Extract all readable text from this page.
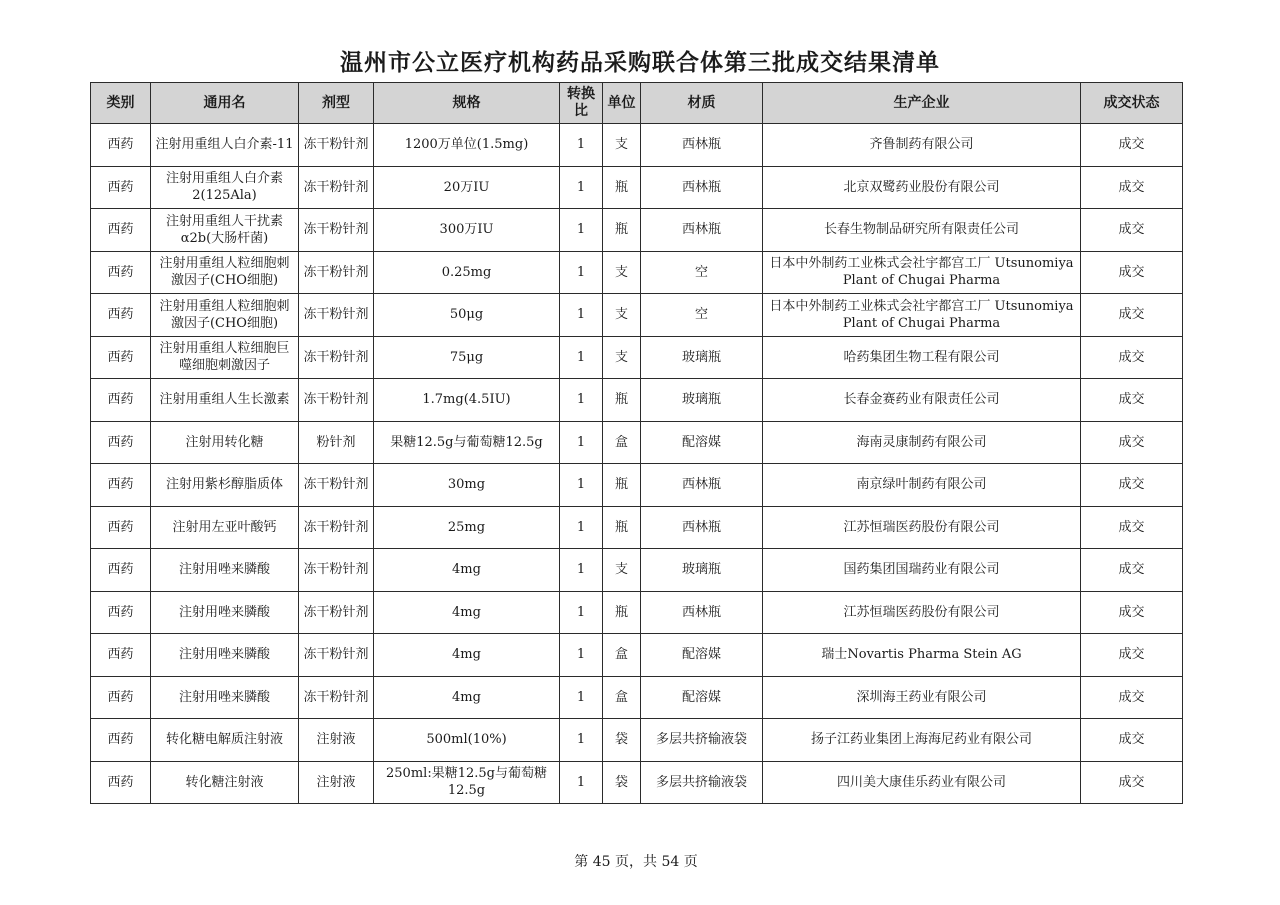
温州市公立医疗机构药品采购联合体第三批成交结果清单
类别	通用名	剂型	规格	转换比	单位	材质	生产企业	成交状态
西药	注射用重组人白介素-11	冻干粉针剂	1200万单位(1.5mg)	1	支	西林瓶	齐鲁制药有限公司	成交
西药	注射用重组人白介素2(125Ala)	冻干粉针剂	20万IU	1	瓶	西林瓶	北京双鹭药业股份有限公司	成交
西药	注射用重组人干扰素α2b(大肠杆菌)	冻干粉针剂	300万IU	1	瓶	西林瓶	长春生物制品研究所有限责任公司	成交
西药	注射用重组人粒细胞刺激因子(CHO细胞)	冻干粉针剂	0.25mg	1	支	空	日本中外制药工业株式会社宇都宫工厂 Utsunomiya Plant of Chugai Pharma	成交
西药	注射用重组人粒细胞刺激因子(CHO细胞)	冻干粉针剂	50μg	1	支	空	日本中外制药工业株式会社宇都宫工厂 Utsunomiya Plant of Chugai Pharma	成交
西药	注射用重组人粒细胞巨噬细胞刺激因子	冻干粉针剂	75μg	1	支	玻璃瓶	哈药集团生物工程有限公司	成交
西药	注射用重组人生长激素	冻干粉针剂	1.7mg(4.5IU)	1	瓶	玻璃瓶	长春金赛药业有限责任公司	成交
西药	注射用转化糖	粉针剂	果糖12.5g与葡萄糖12.5g	1	盒	配溶媒	海南灵康制药有限公司	成交
西药	注射用紫杉醇脂质体	冻干粉针剂	30mg	1	瓶	西林瓶	南京绿叶制药有限公司	成交
西药	注射用左亚叶酸钙	冻干粉针剂	25mg	1	瓶	西林瓶	江苏恒瑞医药股份有限公司	成交
西药	注射用唑来膦酸	冻干粉针剂	4mg	1	支	玻璃瓶	国药集团国瑞药业有限公司	成交
西药	注射用唑来膦酸	冻干粉针剂	4mg	1	瓶	西林瓶	江苏恒瑞医药股份有限公司	成交
西药	注射用唑来膦酸	冻干粉针剂	4mg	1	盒	配溶媒	瑞士Novartis Pharma Stein AG	成交
西药	注射用唑来膦酸	冻干粉针剂	4mg	1	盒	配溶媒	深圳海王药业有限公司	成交
西药	转化糖电解质注射液	注射液	500ml(10%)	1	袋	多层共挤输液袋	扬子江药业集团上海海尼药业有限公司	成交
西药	转化糖注射液	注射液	250ml:果糖12.5g与葡萄糖12.5g	1	袋	多层共挤输液袋	四川美大康佳乐药业有限公司	成交
第 45 页，共 54 页
